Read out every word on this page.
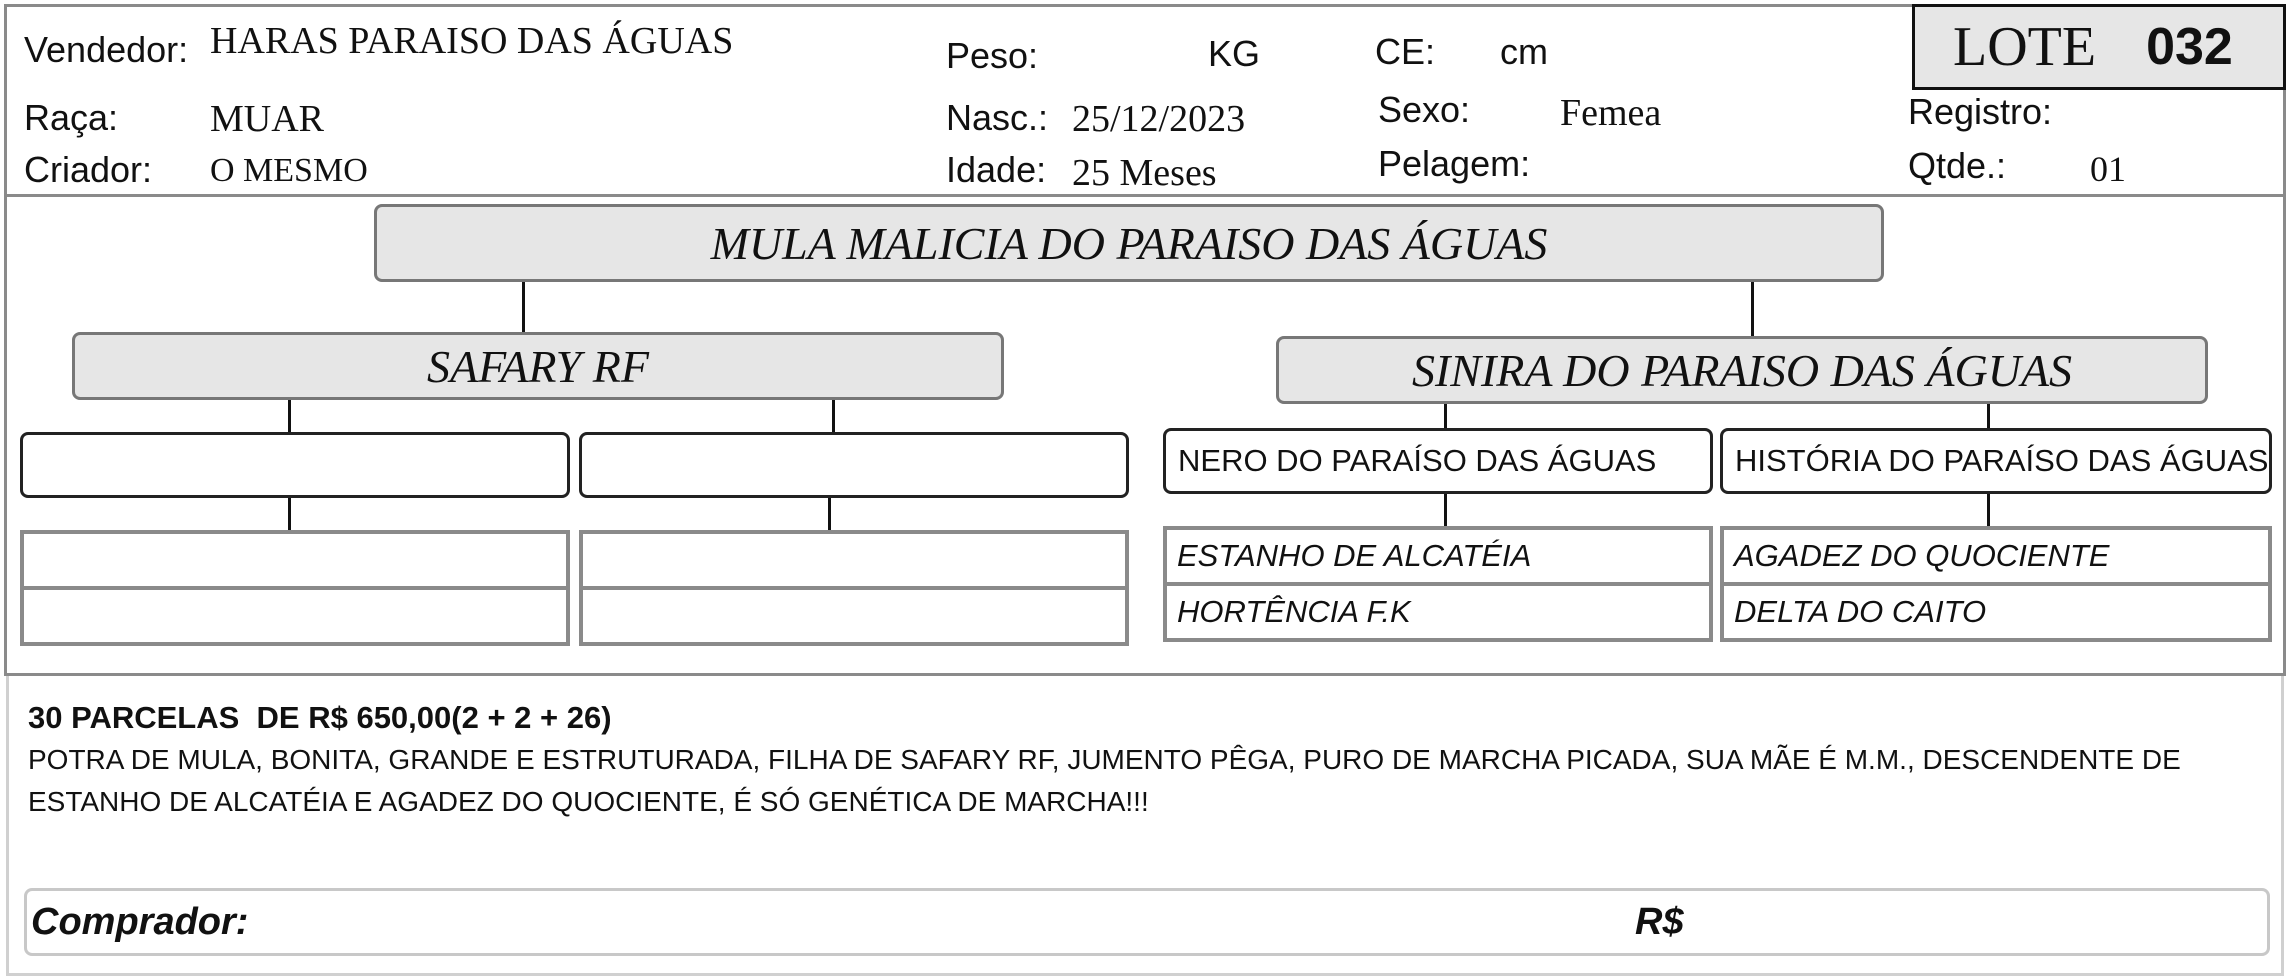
Vendedor: HARAS PARAISO DAS ÁGUAS
Raça: MUAR
Criador: O MESMO
Peso:	KG
Nasc.: 25/12/2023
Idade: 25 Meses
CE: cm
Sexo: Femea
Pelagem:
LOTE 032
Registro:
Qtde.: 01
MULA MALICIA DO PARAISO DAS ÁGUAS
SAFARY RF	SINIRA DO PARAISO DAS ÁGUAS
NERO DO PARAÍSO DAS ÁGUAS	HISTÓRIA DO PARAÍSO DAS ÁGUAS
ESTANHO DE ALCATÉIA
HORTÊNCIA F.K
AGADEZ DO QUOCIENTE
DELTA DO CAITO
30 PARCELAS  DE R$ 650,00(2 + 2 + 26)
POTRA DE MULA, BONITA, GRANDE E ESTRUTURADA, FILHA DE SAFARY RF, JUMENTO PÊGA, PURO DE MARCHA PICADA, SUA MÃE É M.M., DESCENDENTE DE
ESTANHO DE ALCATÉIA E AGADEZ DO QUOCIENTE, É SÓ GENÉTICA DE MARCHA!!!
Comprador:	R$
